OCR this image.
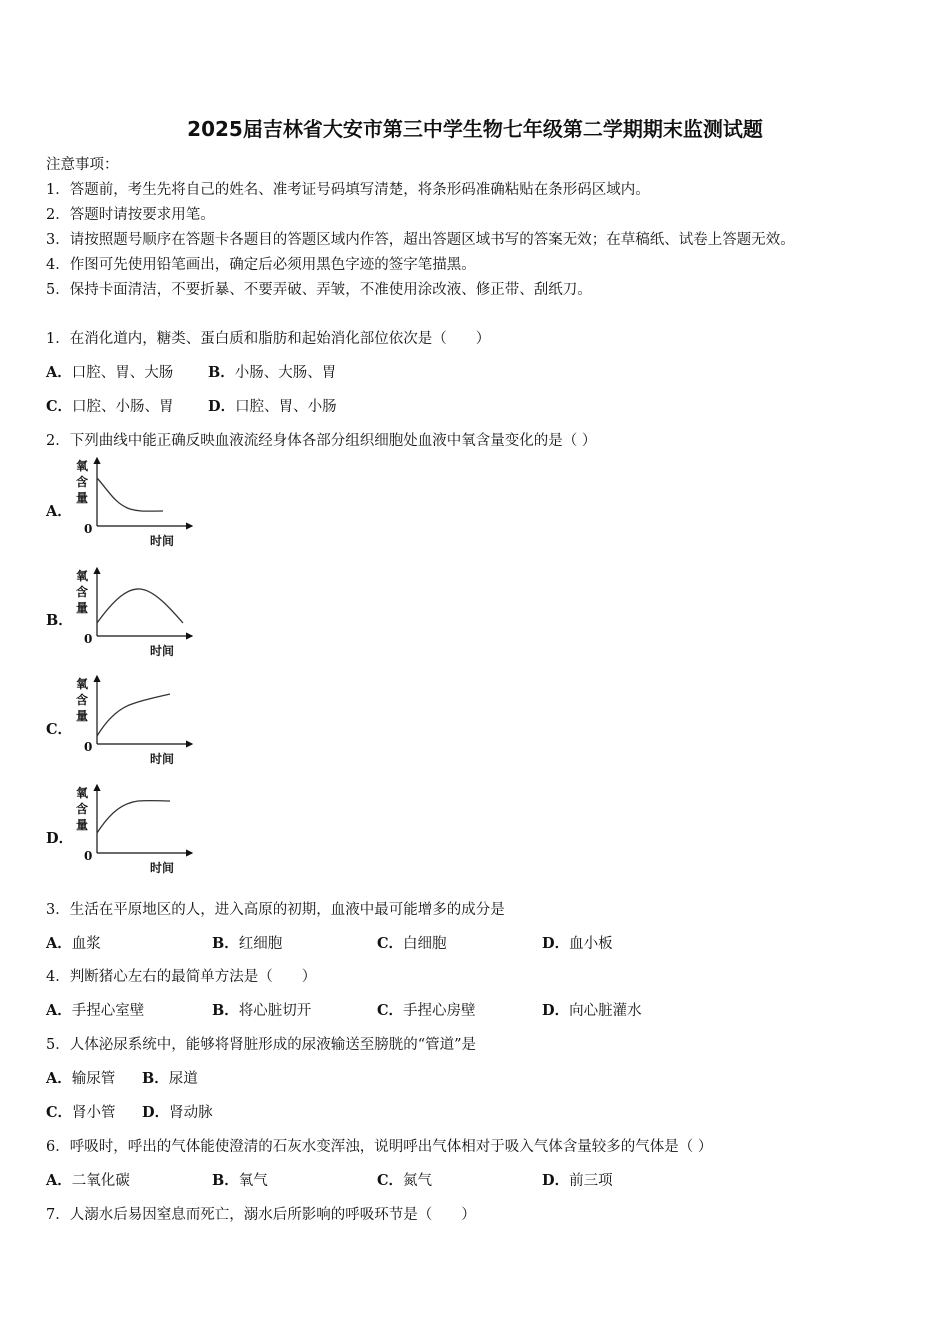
2025届吉林省大安市第三中学生物七年级第二学期期末监测试题
注意事项：
1．答题前，考生先将自己的姓名、准考证号码填写清楚，将条形码准确粘贴在条形码区域内。
2．答题时请按要求用笔。
3．请按照题号顺序在答题卡各题目的答题区域内作答，超出答题区域书写的答案无效；在草稿纸、试卷上答题无效。
4．作图可先使用铅笔画出，确定后必须用黑色字迹的签字笔描黑。
5．保持卡面清洁，不要折暴、不要弄破、弄皱，不准使用涂改液、修正带、刮纸刀。
1．在消化道内，糖类、蛋白质和脂肪和起始消化部位依次是（　　）
A．口腔、胃、大肠 B．小肠、大肠、胃
C．口腔、小肠、胃 D．口腔、胃、小肠
2．下列曲线中能正确反映血液流经身体各部分组织细胞处血液中氧含量变化的是（ ）
A．
氧
含
量
0
时间
B．
氧
含
量
0
时间
C．
氧
含
量
0
时间
D．
氧
含
量
0
时间
3．生活在平原地区的人，进入高原的初期，血液中最可能增多的成分是
A．血浆	B．红细胞	C．白细胞	D．血小板
4．判断猪心左右的最简单方法是（　　）
A．手捏心室壁	B．将心脏切开	C．手捏心房壁	D．向心脏灌水
5．人体泌尿系统中，能够将肾脏形成的尿液输送至膀胱的“管道”是
A．输尿管 B．尿道
C．肾小管 D．肾动脉
6．呼吸时，呼出的气体能使澄清的石灰水变浑浊，说明呼出气体相对于吸入气体含量较多的气体是（ ）
A．二氧化碳	B．氧气	C．氮气	D．前三项
7．人溺水后易因窒息而死亡，溺水后所影响的呼吸环节是（　　）
